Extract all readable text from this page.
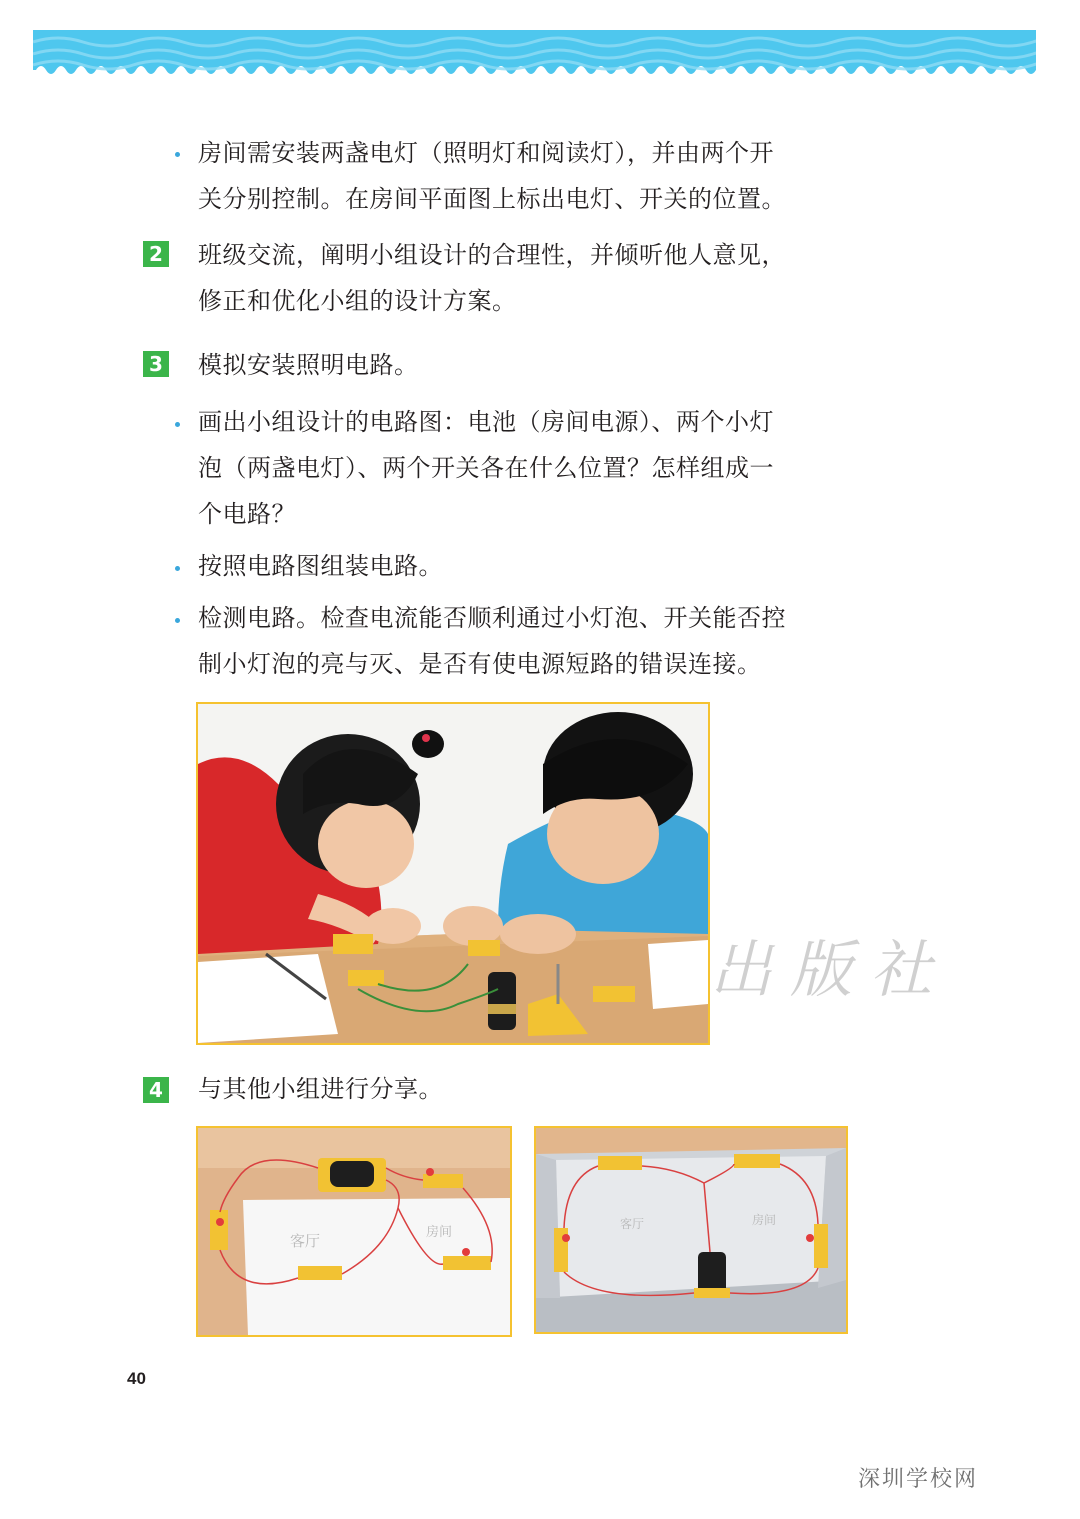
房间需安装两盏电灯（照明灯和阅读灯），并由两个开
关分别控制。在房间平面图上标出电灯、开关的位置。
2 班级交流，阐明小组设计的合理性，并倾听他人意见，
修正和优化小组的设计方案。
3 模拟安装照明电路。
画出小组设计的电路图：电池（房间电源）、两个小灯
泡（两盏电灯）、两个开关各在什么位置？怎样组成一
个电路？
按照电路图组装电路。
检测电路。检查电流能否顺利通过小灯泡、开关能否控
制小灯泡的亮与灭、是否有使电源短路的错误连接。
出版社
4 与其他小组进行分享。
客厅	房间
客厅	房间
40
深圳学校网
